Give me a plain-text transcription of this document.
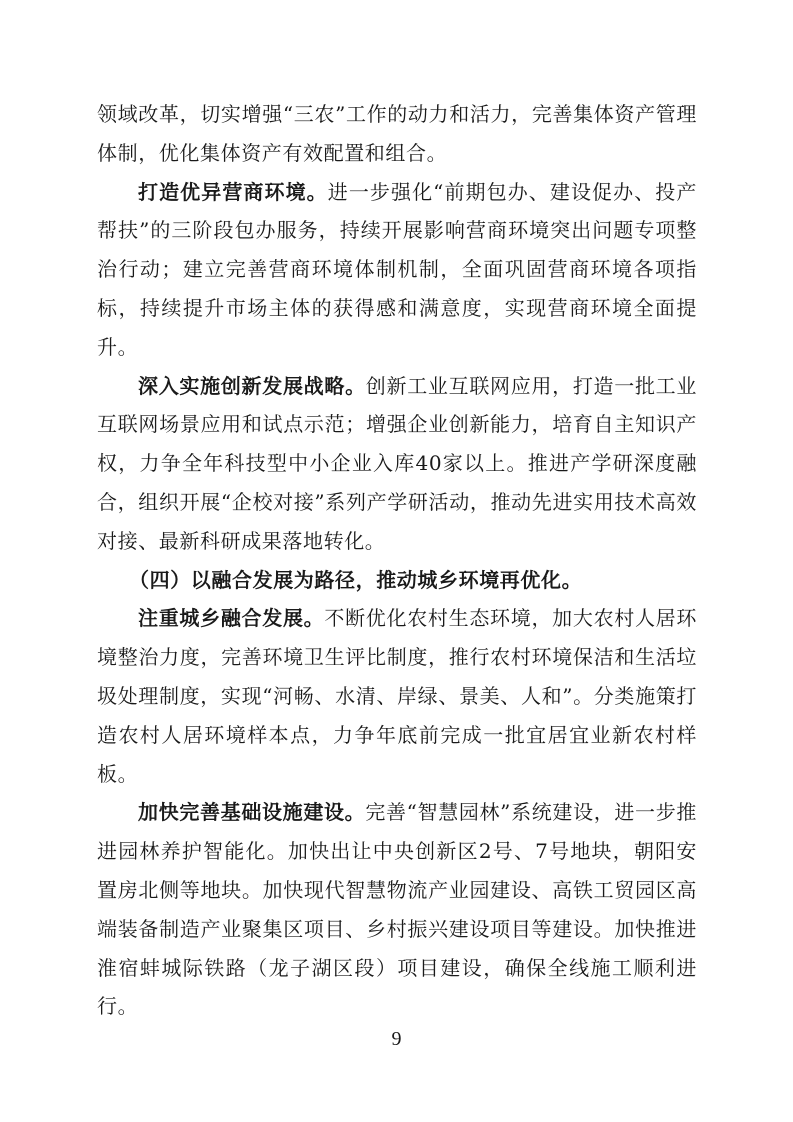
领域改革，切实增强“三农”工作的动力和活力，完善集体资产管理体制，优化集体资产有效配置和组合。

打造优异营商环境。进一步强化“前期包办、建设促办、投产帮扶”的三阶段包办服务，持续开展影响营商环境突出问题专项整治行动；建立完善营商环境体制机制，全面巩固营商环境各项指标，持续提升市场主体的获得感和满意度，实现营商环境全面提升。

深入实施创新发展战略。创新工业互联网应用，打造一批工业互联网场景应用和试点示范；增强企业创新能力，培育自主知识产权，力争全年科技型中小企业入库40家以上。推进产学研深度融合，组织开展“企校对接”系列产学研活动，推动先进实用技术高效对接、最新科研成果落地转化。

（四）以融合发展为路径，推动城乡环境再优化。

注重城乡融合发展。不断优化农村生态环境，加大农村人居环境整治力度，完善环境卫生评比制度，推行农村环境保洁和生活垃圾处理制度，实现“河畅、水清、岸绿、景美、人和”。分类施策打造农村人居环境样本点，力争年底前完成一批宜居宜业新农村样板。

加快完善基础设施建设。完善“智慧园林”系统建设，进一步推进园林养护智能化。加快出让中央创新区2号、7号地块，朝阳安置房北侧等地块。加快现代智慧物流产业园建设、高铁工贸园区高端装备制造产业聚集区项目、乡村振兴建设项目等建设。加快推进淮宿蚌城际铁路（龙子湖区段）项目建设，确保全线施工顺利进行。

9
